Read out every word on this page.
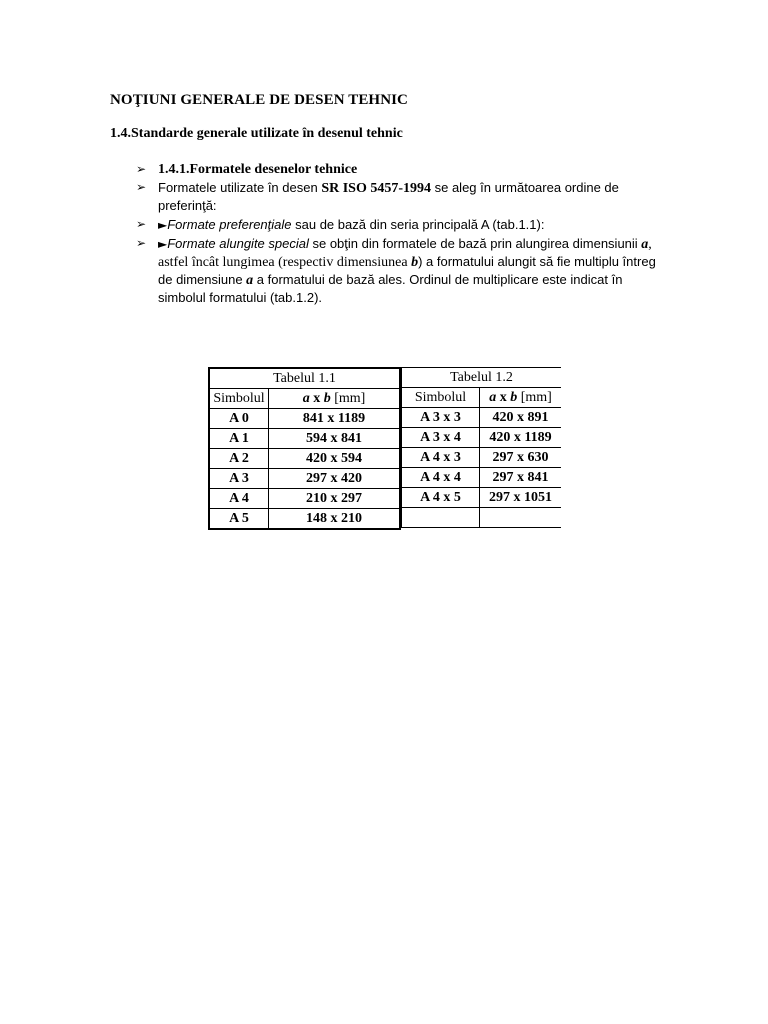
NOŢIUNI GENERALE DE DESEN TEHNIC
1.4.Standarde generale utilizate în desenul tehnic
➢ 1.4.1.Formatele desenelor tehnice
➢ Formatele utilizate în desen SR ISO 5457-1994 se aleg în următoarea ordine de preferinţă:
➢ ►Formate preferenţiale sau de bază din seria principală A (tab.1.1):
➢ ►Formate alungite special se obţin din formatele de bază prin alungirea dimensiunii a, astfel încât lungimea (respectiv dimensiunea b) a formatului alungit să fie multiplu întreg de dimensiune a a formatului de bază ales. Ordinul de multiplicare este indicat în simbolul formatului (tab.1.2).
Tabelul 1.1	
Simbolul	a x b [mm]
A 0	841 x 1189
A 1	594 x 841
A 2	420 x 594
A 3	297 x 420
A 4	210 x 297
A 5	148 x 210
Tabelul 1.2	
Simbolul	a x b [mm]
A 3 x 3	420 x 891
A 3 x 4	420 x 1189
A 4 x 3	297 x 630
A 4 x 4	297 x 841
A 4 x 5	297 x 1051
